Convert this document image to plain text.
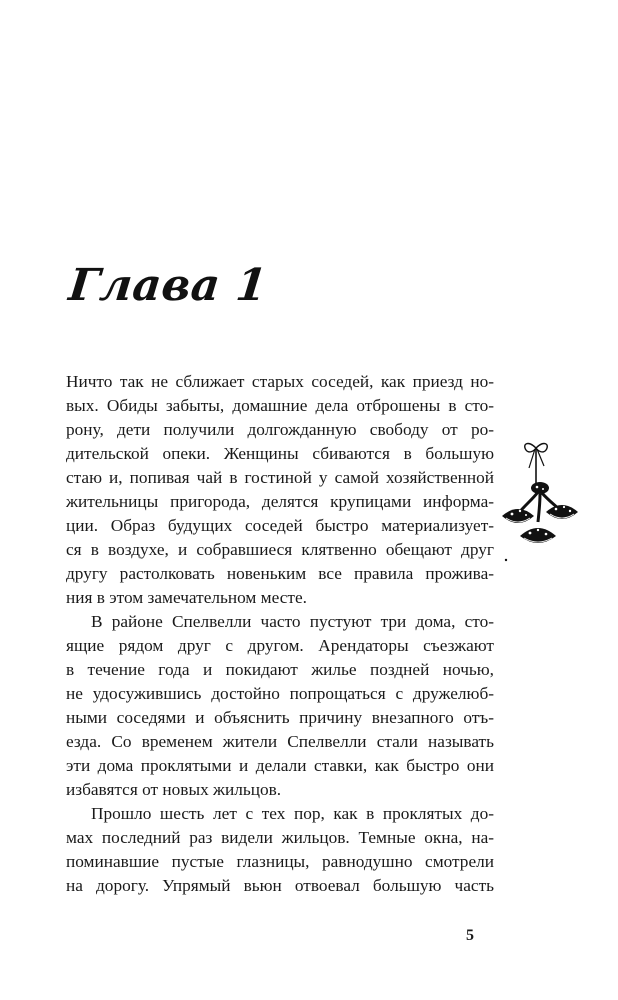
Глава 1

Ничто так не сближает старых соседей, как приезд но-

вых. Обиды забыты, домашние дела отброшены в сто-

рону, дети получили долгожданную свободу от ро-

дительской опеки. Женщины сбиваются в большую

стаю и, попивая чай в гостиной у самой хозяйственной

жительницы пригорода, делятся крупицами информа-

ции. Образ будущих соседей быстро материализует-

ся в воздухе, и собравшиеся клятвенно обещают друг

другу растолковать новеньким все правила прожива-

ния в этом замечательном месте.

В районе Спелвелли часто пустуют три дома, сто-

ящие рядом друг с другом. Арендаторы съезжают

в течение года и покидают жилье поздней ночью,

не удосужившись достойно попрощаться с дружелюб-

ными соседями и объяснить причину внезапного отъ-

езда. Со временем жители Спелвелли стали называть

эти дома проклятыми и делали ставки, как быстро они

избавятся от новых жильцов.

Прошло шесть лет с тех пор, как в проклятых до-

мах последний раз видели жильцов. Темные окна, на-

поминавшие пустые глазницы, равнодушно смотрели

на дорогу. Упрямый вьюн отвоевал большую часть

5
